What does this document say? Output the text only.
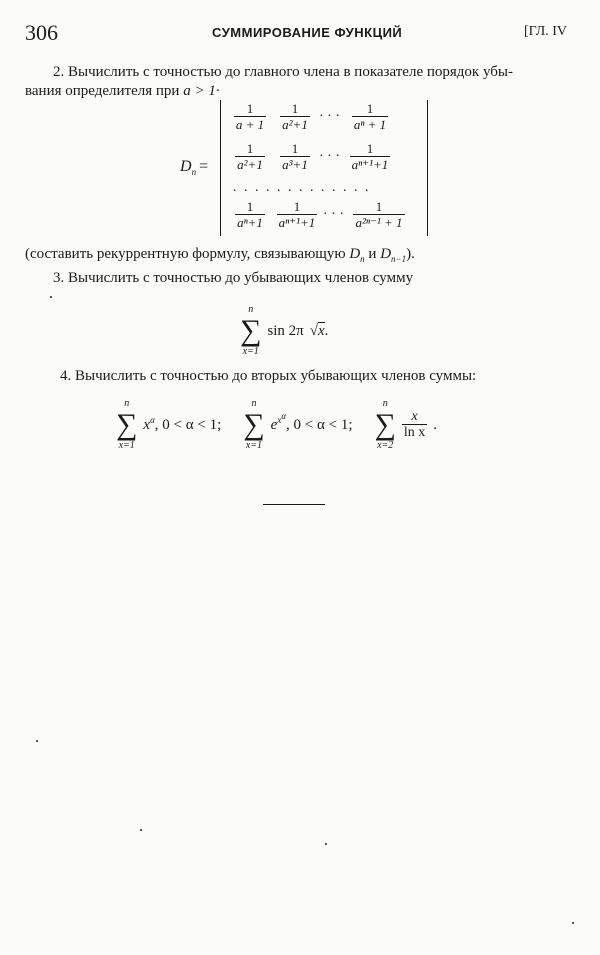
306	СУММИРОВАНИЕ ФУНКЦИЙ	[ГЛ. IV
2. Вычислить с точностью до главного члена в показателе порядок убы-
вания определителя при a > 1·
$D_n$ =
$\frac{1}{a + 1} \frac{1}{\text{a²+1}}$ · · · $\frac{1}{\text{aⁿ + 1}}$
$\frac{1}{\text{a²+1}} \frac{1}{\text{a³+1}}$ · · · $\frac{1}{\text{aⁿ⁺¹+1}}$
. . . . . . . . . . . . .
$\frac{1}{\text{aⁿ+1}} \frac{1}{\text{aⁿ⁺¹+1}}$ · · · $\frac{1}{\text{a²ⁿ⁻¹ + 1}}$
(составить рекуррентную формулу, связывающую $D_n$ и $D_{n-1}$).
3. Вычислить с точностью до убывающих членов сумму
n
∑
x=1
sin 2π √x.
4. Вычислить с точностью до вторых убывающих членов суммы:
n
∑
x=1
$x^\alpha$, 0 < α < 1;
n
∑
x=1
$e^{x^\alpha}$, 0 < α < 1;
n
∑
x=2
$\frac{x}{\text{ln x}}$ .
